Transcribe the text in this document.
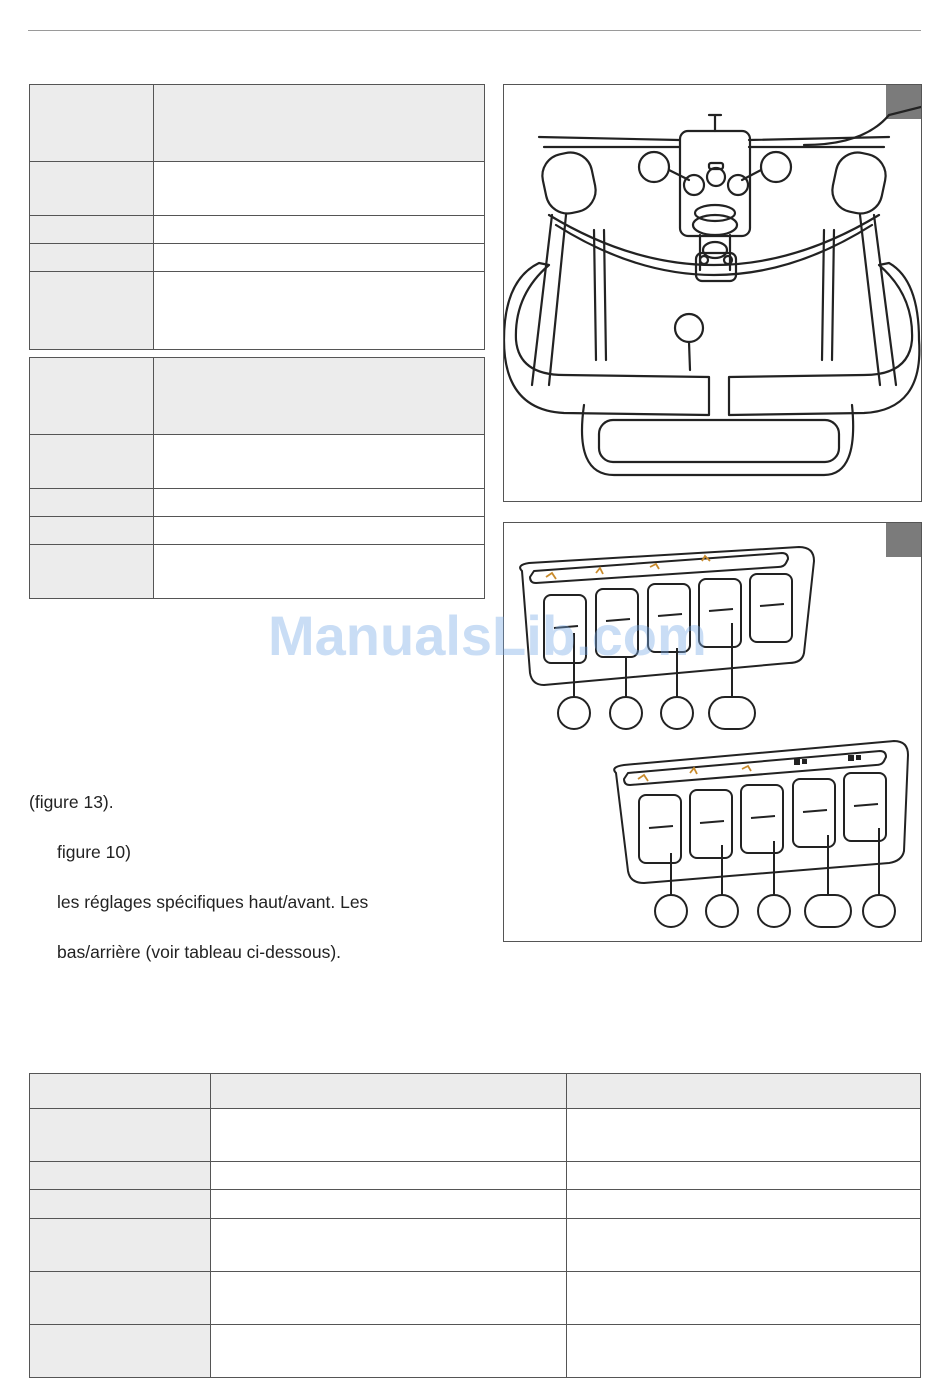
(figure 13).
figure 10)
les réglages spécifiques haut/avant. Les
bas/arrière (voir tableau ci-dessous).

ManualsLib.com
